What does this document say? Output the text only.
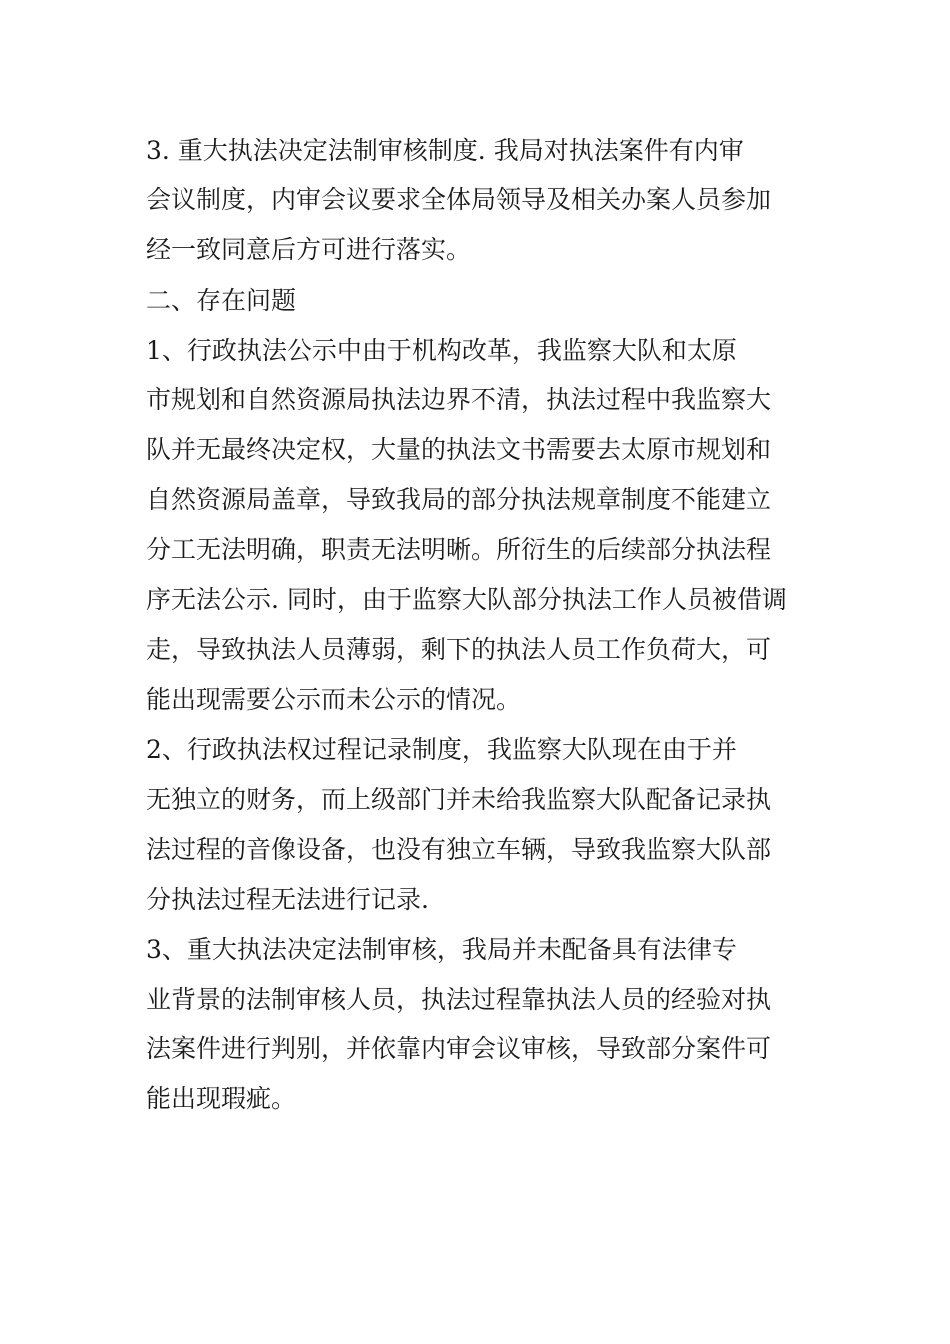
3. 重大执法决定法制审核制度. 我局对执法案件有内审
会议制度，内审会议要求全体局领导及相关办案人员参加
经一致同意后方可进行落实。
二、存在问题
1、行政执法公示中由于机构改革，我监察大队和太原
市规划和自然资源局执法边界不清，执法过程中我监察大
队并无最终决定权，大量的执法文书需要去太原市规划和
自然资源局盖章，导致我局的部分执法规章制度不能建立
分工无法明确，职责无法明晰。所衍生的后续部分执法程
序无法公示. 同时，由于监察大队部分执法工作人员被借调
走，导致执法人员薄弱，剩下的执法人员工作负荷大，可
能出现需要公示而未公示的情况。
2、行政执法权过程记录制度，我监察大队现在由于并
无独立的财务，而上级部门并未给我监察大队配备记录执
法过程的音像设备，也没有独立车辆，导致我监察大队部
分执法过程无法进行记录.
3、重大执法决定法制审核，我局并未配备具有法律专
业背景的法制审核人员，执法过程靠执法人员的经验对执
法案件进行判别，并依靠内审会议审核，导致部分案件可
能出现瑕疵。
